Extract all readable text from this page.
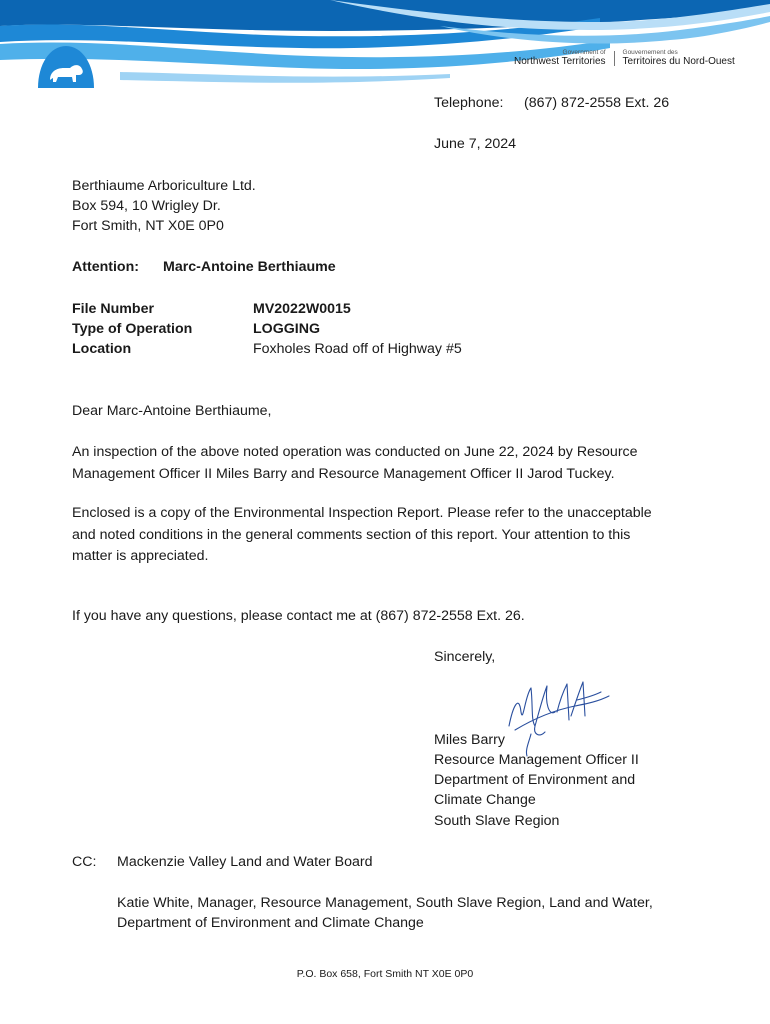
Government of
Northwest Territories
Gouvernement des
Territoires du Nord-Ouest
Telephone: (867) 872-2558 Ext. 26
June 7, 2024
Berthiaume Arboriculture Ltd.
Box 594, 10 Wrigley Dr.
Fort Smith, NT X0E 0P0
Attention: Marc-Antoine Berthiaume
File Number	MV2022W0015
Type of Operation	LOGGING
Location	Foxholes Road off of Highway #5
Dear Marc-Antoine Berthiaume,
An inspection of the above noted operation was conducted on June 22, 2024 by Resource
Management Officer II Miles Barry and Resource Management Officer II Jarod Tuckey.
Enclosed is a copy of the Environmental Inspection Report. Please refer to the unacceptable
and noted conditions in the general comments section of this report. Your attention to this
matter is appreciated.
If you have any questions, please contact me at (867) 872-2558 Ext. 26.
Sincerely,
Miles Barry
Resource Management Officer II
Department of Environment and
Climate Change
South Slave Region
CC: Mackenzie Valley Land and Water Board
Katie White, Manager, Resource Management, South Slave Region, Land and Water,
Department of Environment and Climate Change
P.O. Box 658, Fort Smith NT X0E 0P0
